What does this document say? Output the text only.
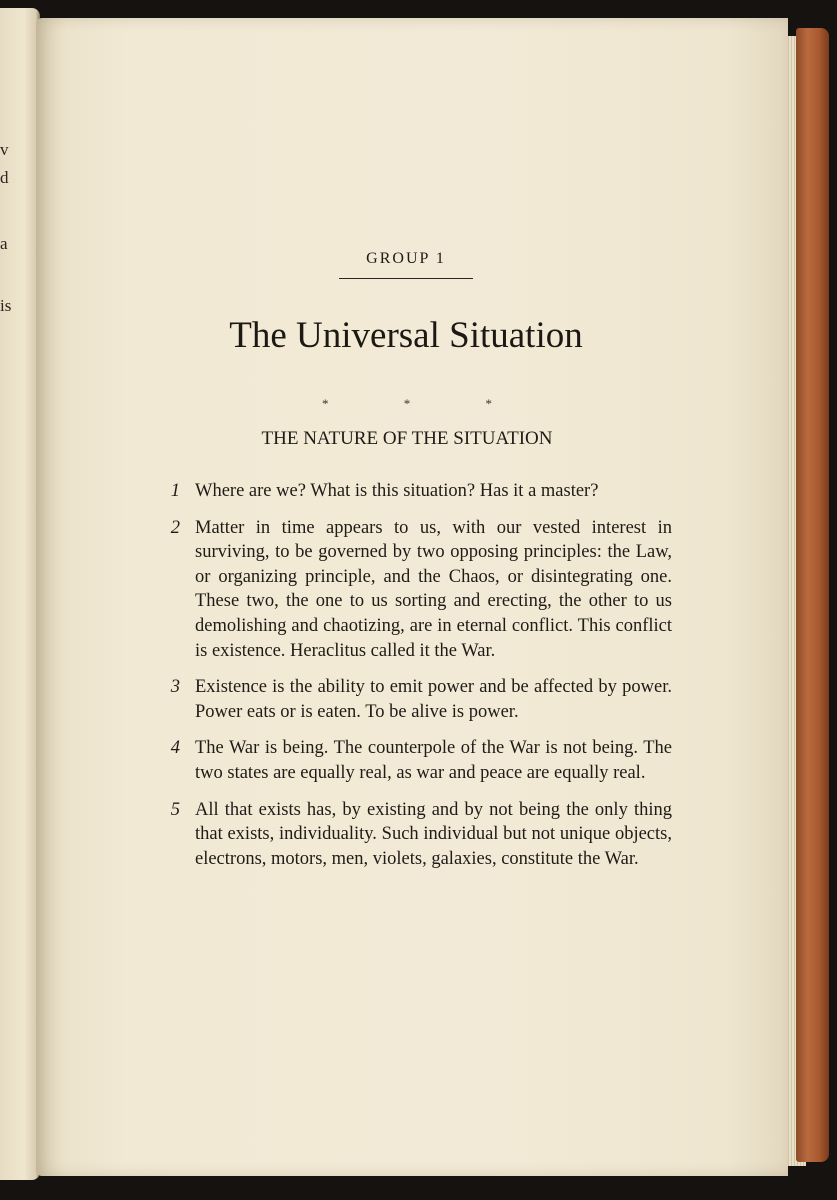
v
d
a
is
GROUP 1
The Universal Situation
* * *
THE NATURE OF THE SITUATION
1 Where are we? What is this situation? Has it a master?
2 Matter in time appears to us, with our vested interest in surviving, to be governed by two opposing principles: the Law, or organizing principle, and the Chaos, or disintegrating one. These two, the one to us sorting and erecting, the other to us demolishing and chaotizing, are in eternal conflict. This conflict is existence. Heraclitus called it the War.
3 Existence is the ability to emit power and be affected by power. Power eats or is eaten. To be alive is power.
4 The War is being. The counterpole of the War is not being. The two states are equally real, as war and peace are equally real.
5 All that exists has, by existing and by not being the only thing that exists, individuality. Such individual but not unique objects, electrons, motors, men, violets, galaxies, constitute the War.
